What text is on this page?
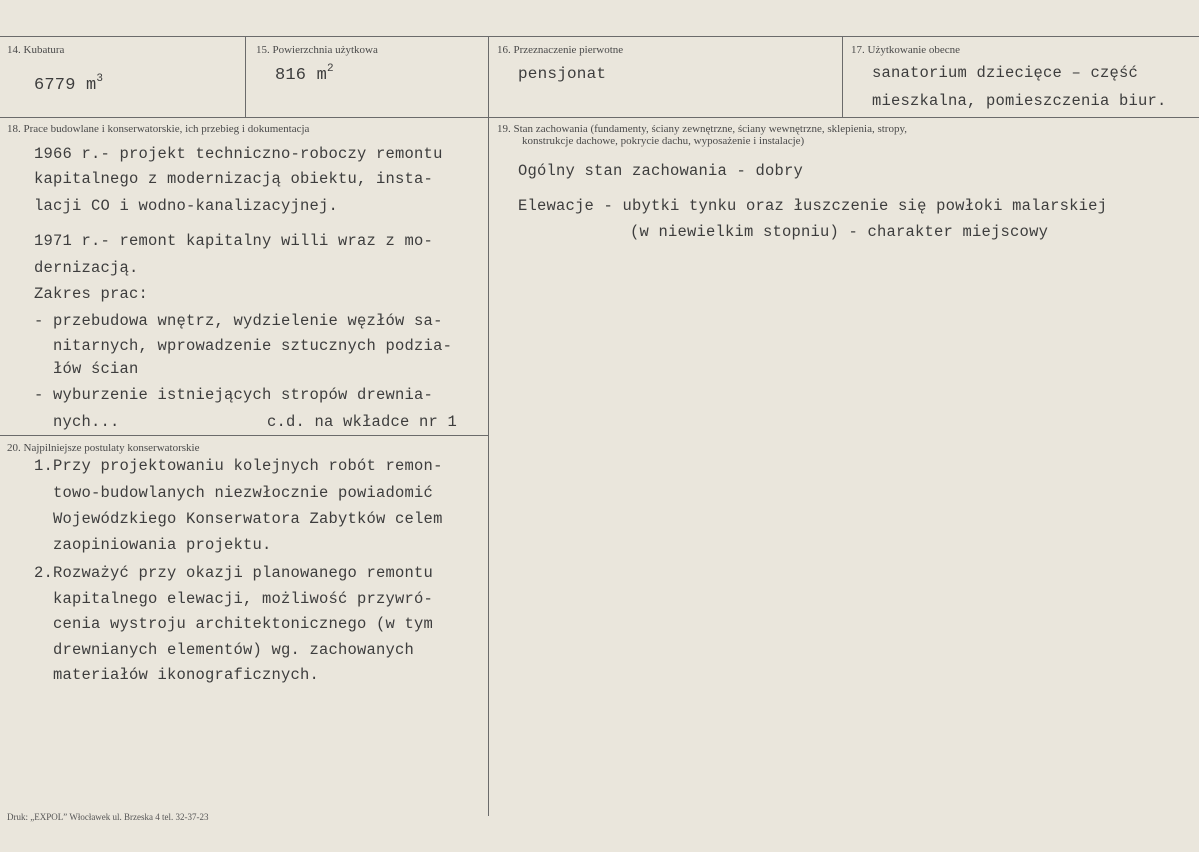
14. Kubatura
6779 $m^3$
15. Powierzchnia użytkowa
816 $m^2$
16. Przeznaczenie pierwotne
pensjonat
17. Użytkowanie obecne
sanatorium dziecięce – część
mieszkalna, pomieszczenia biur.
18. Prace budowlane i konserwatorskie, ich przebieg i dokumentacja
1966 r.- projekt techniczno-roboczy remontu
kapitalnego z modernizacją obiektu, insta-
lacji CO i wodno-kanalizacyjnej.
1971 r.- remont kapitalny willi wraz z mo-
dernizacją.
Zakres prac:
- przebudowa wnętrz, wydzielenie węzłów sa-
nitarnych, wprowadzenie sztucznych podzia-
łów ścian
- wyburzenie istniejących stropów drewnia-
nych...	c.d. na wkładce nr 1
19. Stan zachowania (fundamenty, ściany zewnętrzne, ściany wewnętrzne, sklepienia, stropy,
konstrukcje dachowe, pokrycie dachu, wyposażenie i instalacje)
Ogólny stan zachowania - dobry
Elewacje - ubytki tynku oraz łuszczenie się powłoki malarskiej
(w niewielkim stopniu) - charakter miejscowy
20. Najpilniejsze postulaty konserwatorskie
1.Przy projektowaniu kolejnych robót remon-
towo-budowlanych niezwłocznie powiadomić
Wojewódzkiego Konserwatora Zabytków celem
zaopiniowania projektu.
2.Rozważyć przy okazji planowanego remontu
kapitalnego elewacji, możliwość przywró-
cenia wystroju architektonicznego (w tym
drewnianych elementów) wg. zachowanych
materiałów ikonograficznych.
Druk: „EXPOL” Włocławek ul. Brzeska 4 tel. 32-37-23
